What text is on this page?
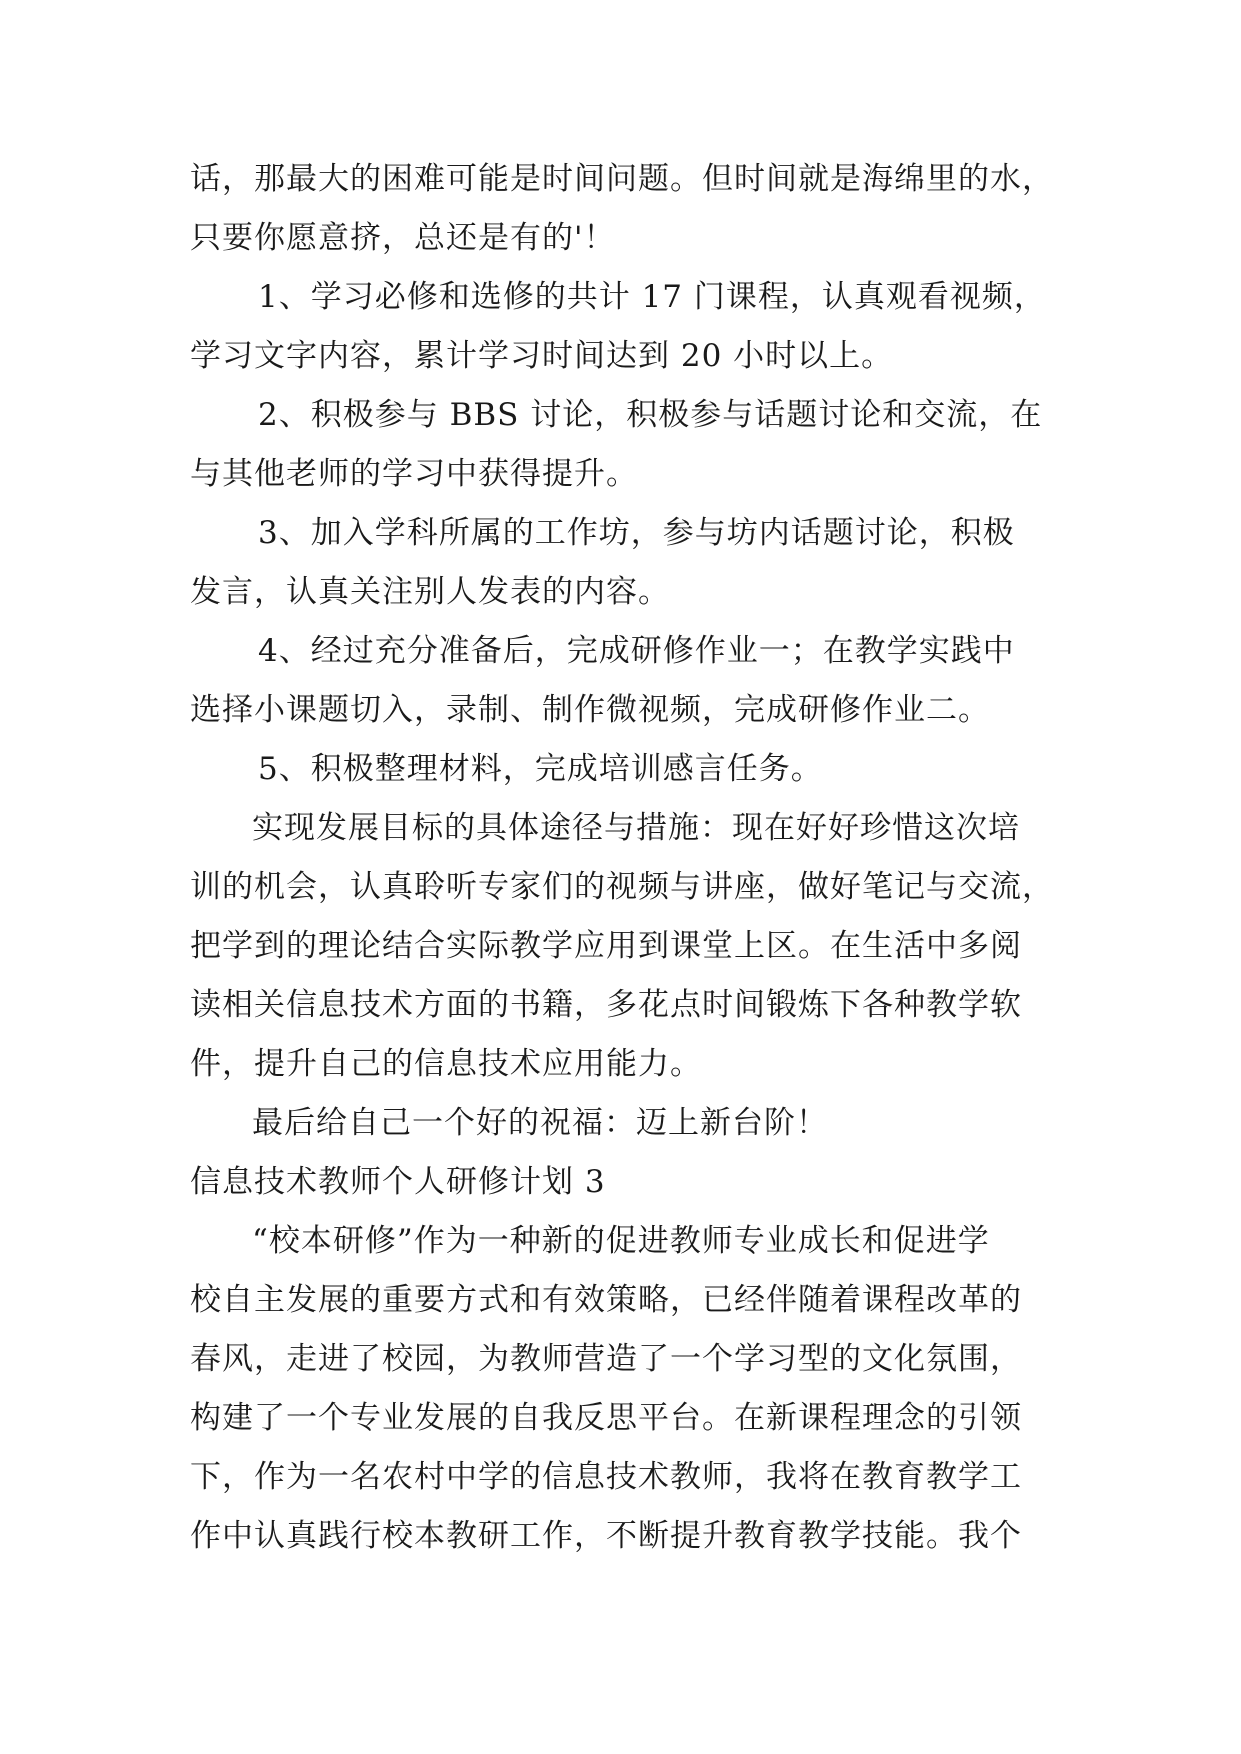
话，那最大的困难可能是时间问题。但时间就是海绵里的水，
只要你愿意挤，总还是有的'！
1、学习必修和选修的共计 17 门课程，认真观看视频，
学习文字内容，累计学习时间达到 20 小时以上。
2、积极参与 BBS 讨论，积极参与话题讨论和交流，在
与其他老师的学习中获得提升。
3、加入学科所属的工作坊，参与坊内话题讨论，积极
发言，认真关注别人发表的内容。
4、经过充分准备后，完成研修作业一；在教学实践中
选择小课题切入，录制、制作微视频，完成研修作业二。
5、积极整理材料，完成培训感言任务。
实现发展目标的具体途径与措施：现在好好珍惜这次培
训的机会，认真聆听专家们的视频与讲座，做好笔记与交流，
把学到的理论结合实际教学应用到课堂上区。在生活中多阅
读相关信息技术方面的书籍，多花点时间锻炼下各种教学软
件，提升自己的信息技术应用能力。
最后给自己一个好的祝福：迈上新台阶！
信息技术教师个人研修计划 3
“校本研修”作为一种新的促进教师专业成长和促进学
校自主发展的重要方式和有效策略，已经伴随着课程改革的
春风，走进了校园，为教师营造了一个学习型的文化氛围，
构建了一个专业发展的自我反思平台。在新课程理念的引领
下，作为一名农村中学的信息技术教师，我将在教育教学工
作中认真践行校本教研工作，不断提升教育教学技能。我个
